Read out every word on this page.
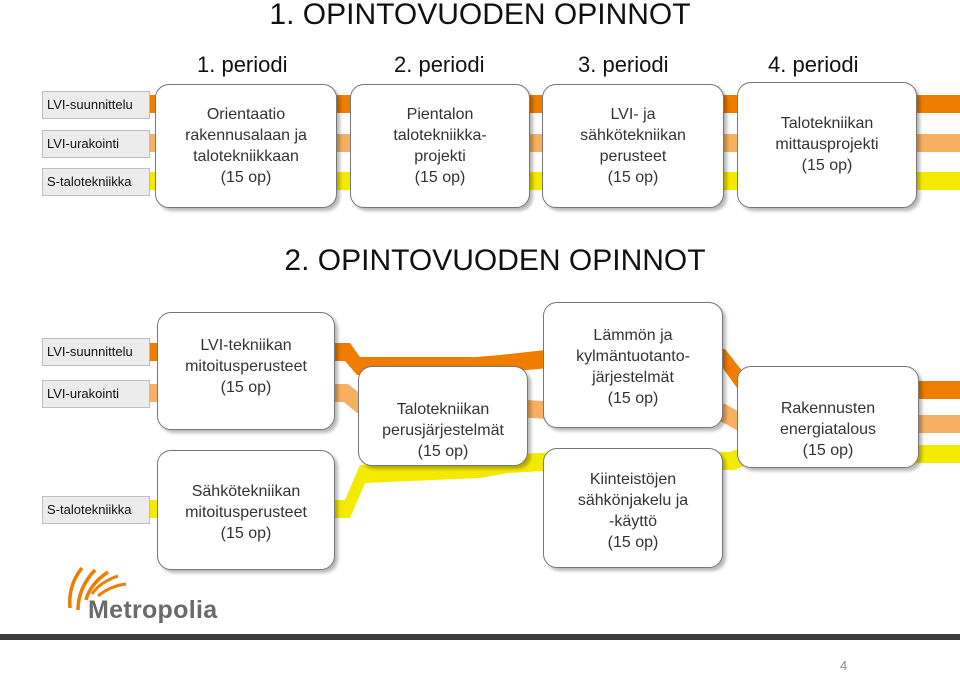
1. OPINTOVUODEN OPINNOT
1. periodi	2. periodi	3. periodi	4. periodi
LVI-suunnittelu
LVI-urakointi
S-talotekniikka
Orientaatio
rakennusalaan ja
talotekniikkaan
(15 op)
Pientalon
talotekniikka-
projekti
(15 op)
LVI- ja
sähkötekniikan
perusteet
(15 op)
Talotekniikan
mittausprojekti
(15 op)
2. OPINTOVUODEN OPINNOT
LVI-suunnittelu
LVI-urakointi
S-talotekniikka
LVI-tekniikan
mitoitusperusteet
(15 op)
Sähkötekniikan
mitoitusperusteet
(15 op)
Talotekniikan
perusjärjestelmät
(15 op)
Lämmön ja
kylmäntuotanto-
järjestelmät
(15 op)
Kiinteistöjen
sähkönjakelu ja
-käyttö
(15 op)
Rakennusten
energiatalous
(15 op)
Metropolia
4
